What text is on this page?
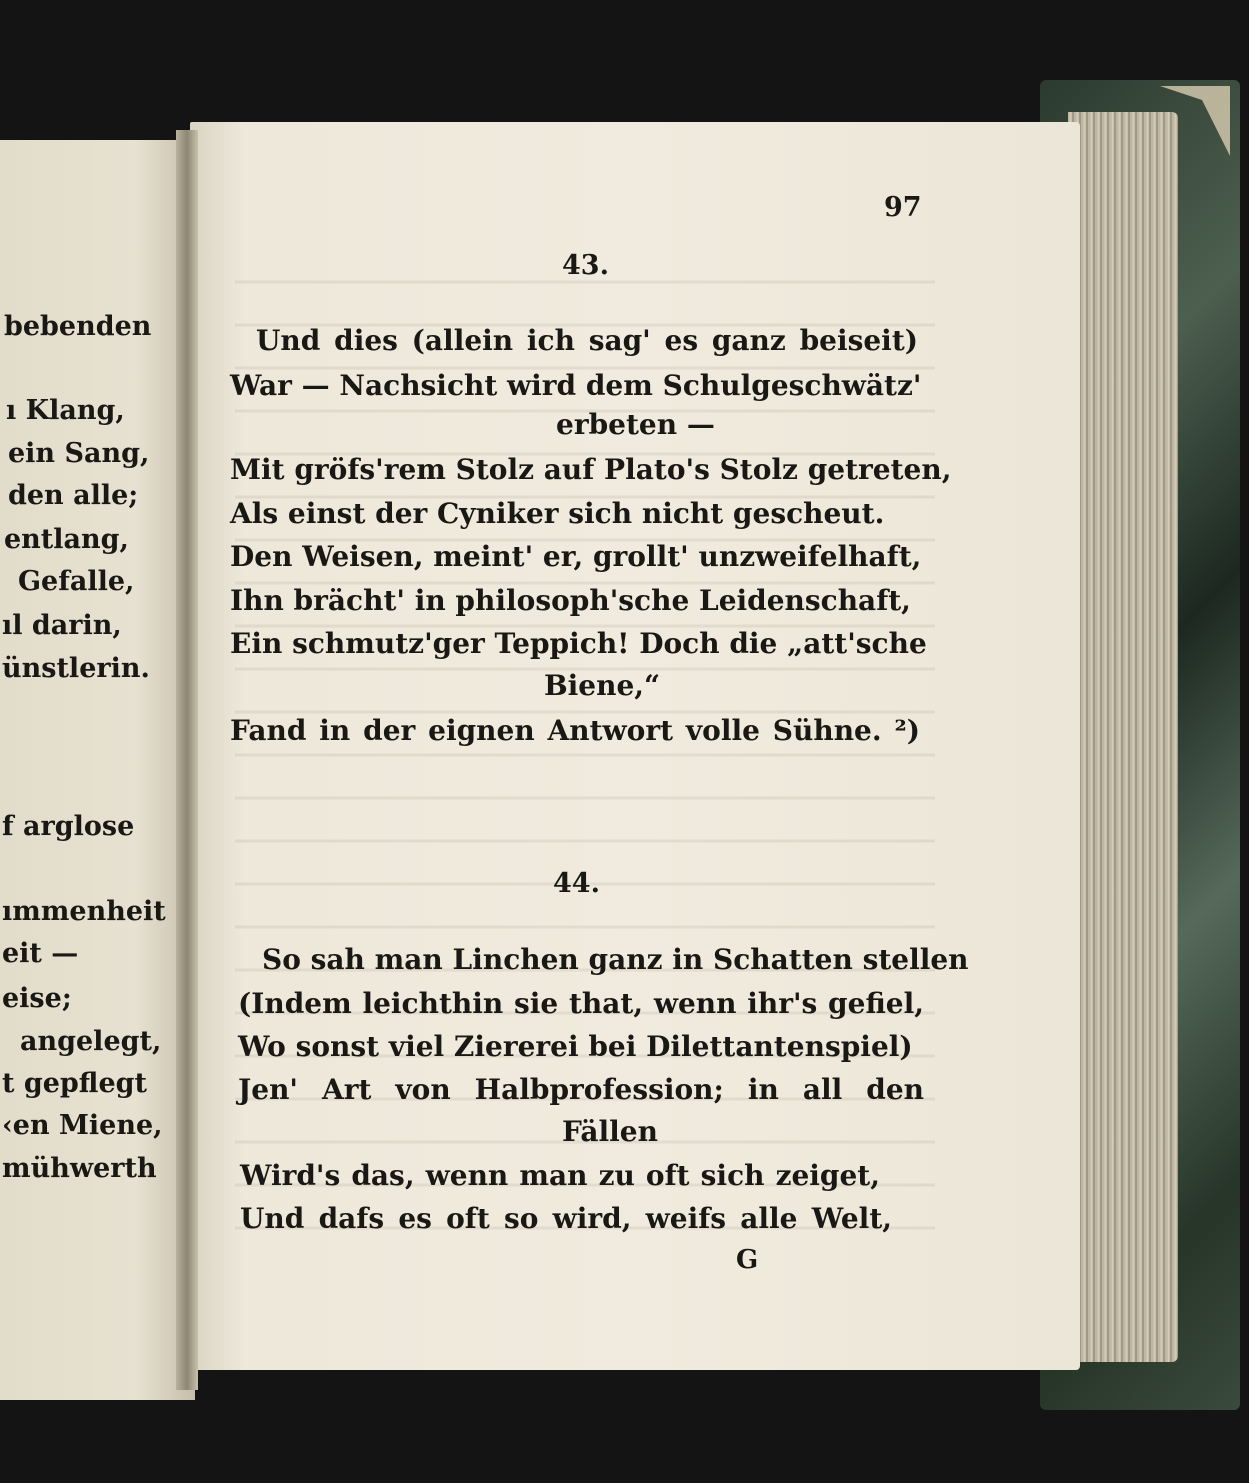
bebenden
ı Klang,
ein Sang,
den alle;
entlang,
Gefalle,
ıl darin,
ünstlerin.
f arglose
ımmenheit
eit —
eise;
angelegt,
t gepflegt
‹en Miene,
mühwerth
97
43.
Und dies (allein ich sag' es ganz beiseit)
War — Nachsicht wird dem Schulgeschwätz'
erbeten —
Mit gröfs'rem Stolz auf Plato's Stolz getreten,
Als einst der Cyniker sich nicht gescheut.
Den Weisen, meint' er, grollt' unzweifelhaft,
Ihn brächt' in philosoph'sche Leidenschaft,
Ein schmutz'ger Teppich! Doch die „att'sche
Biene,“
Fand in der eignen Antwort volle Sühne. ²)
44.
So sah man Linchen ganz in Schatten stellen
(Indem leichthin sie that, wenn ihr's gefiel,
Wo sonst viel Ziererei bei Dilettantenspiel)
Jen' Art von Halbprofession; in all den
Fällen
Wird's das, wenn man zu oft sich zeiget,
Und dafs es oft so wird, weifs alle Welt,
G
